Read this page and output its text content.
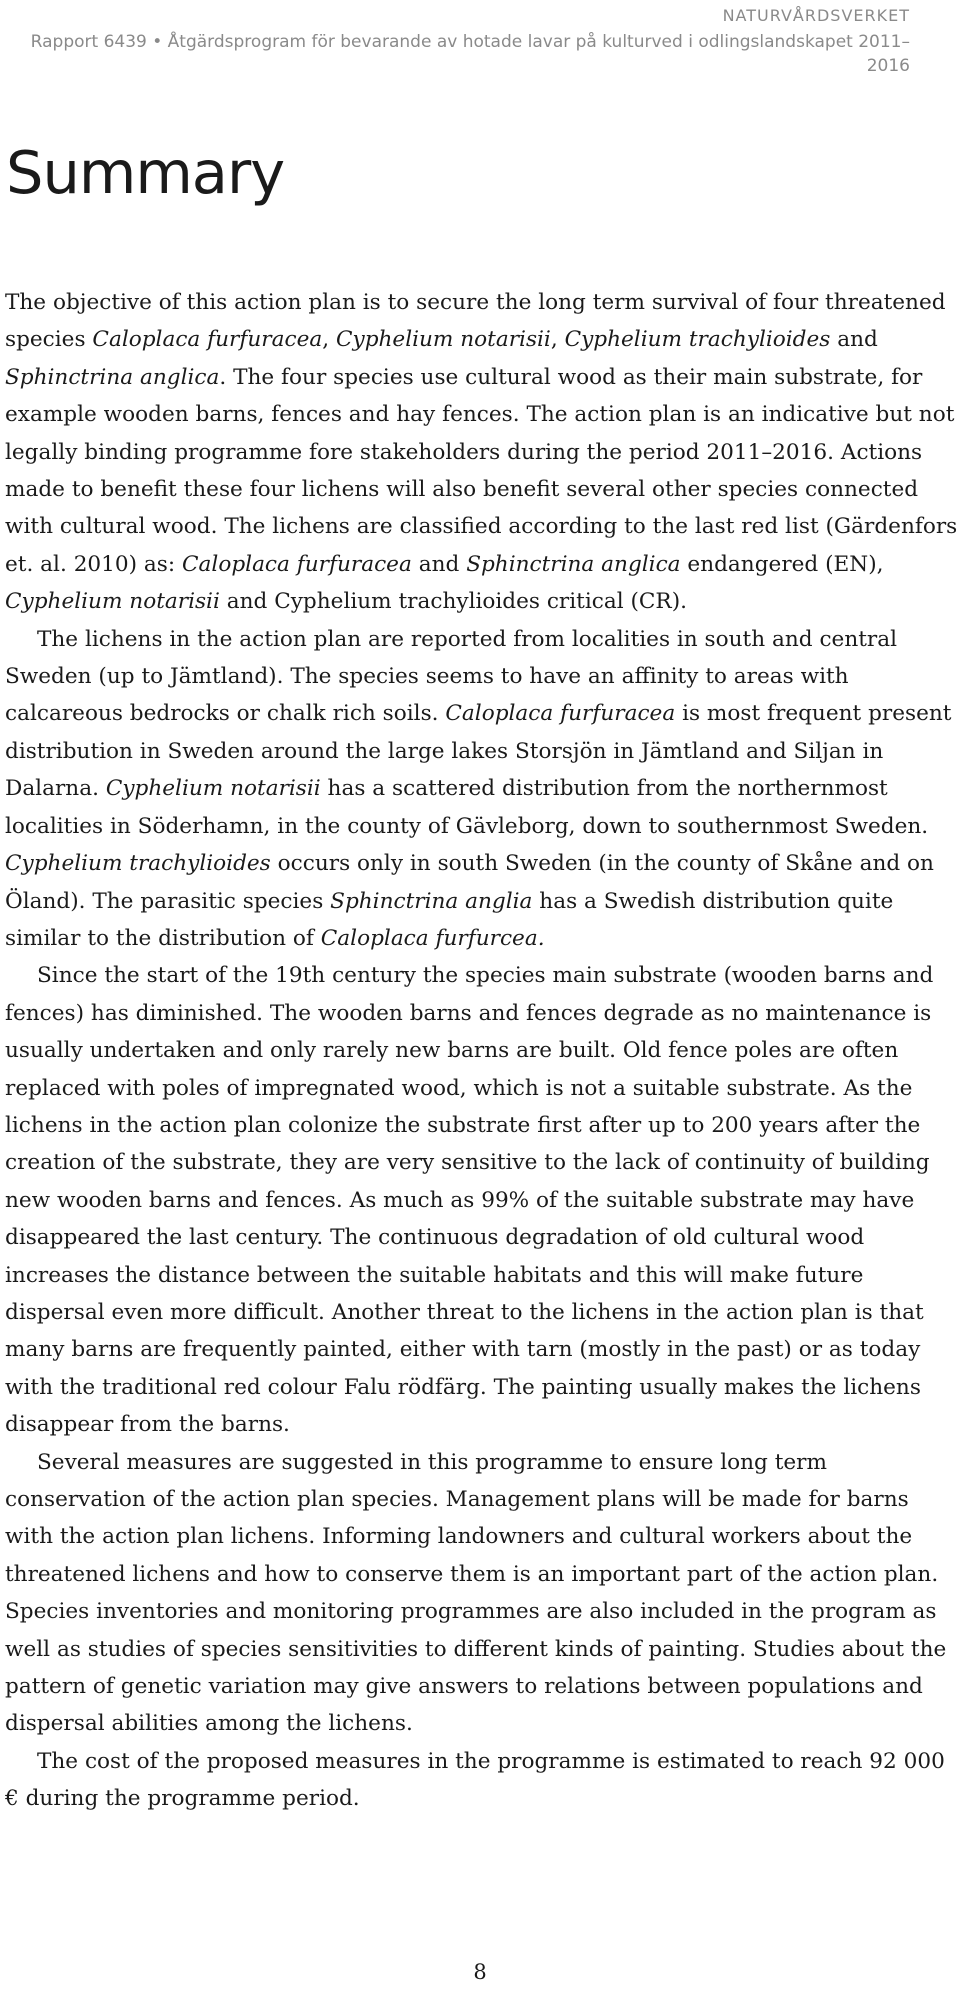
NATURVÅRDSVERKET
Rapport 6439 • Åtgärdsprogram för bevarande av hotade lavar på kulturved i odlingslandskapet 2011–2016
Summary

The objective of this action plan is to secure the long term survival of four threatened species Caloplaca furfuracea, Cyphelium notarisii, Cyphelium trachylioides and Sphinctrina anglica. The four species use cultural wood as their main substrate, for example wooden barns, fences and hay fences. The action plan is an indicative but not legally binding programme fore stakeholders during the period 2011–2016. Actions made to benefit these four lichens will also benefit several other species connected with cultural wood. The lichens are classified according to the last red list (Gärdenfors et. al. 2010) as: Caloplaca furfuracea and Sphinctrina anglica endangered (EN), Cyphelium notarisii and Cyphelium trachylioides critical (CR).

The lichens in the action plan are reported from localities in south and central Sweden (up to Jämtland). The species seems to have an affinity to areas with calcareous bedrocks or chalk rich soils. Caloplaca furfuracea is most frequent present distribution in Sweden around the large lakes Storsjön in Jämtland and Siljan in Dalarna. Cyphelium notarisii has a scattered distribution from the northernmost localities in Söderhamn, in the county of Gävleborg, down to southernmost Sweden. Cyphelium trachylioides occurs only in south Sweden (in the county of Skåne and on Öland). The parasitic species Sphinctrina anglia has a Swedish distribution quite similar to the distribution of Caloplaca furfurcea.

Since the start of the 19th century the species main substrate (wooden barns and fences) has diminished. The wooden barns and fences degrade as no maintenance is usually undertaken and only rarely new barns are built. Old fence poles are often replaced with poles of impregnated wood, which is not a suitable substrate. As the lichens in the action plan colonize the substrate first after up to 200 years after the creation of the substrate, they are very sensitive to the lack of continuity of building new wooden barns and fences. As much as 99% of the suitable substrate may have disappeared the last century. The continuous degradation of old cultural wood increases the distance between the suitable habitats and this will make future dispersal even more difficult. Another threat to the lichens in the action plan is that many barns are frequently painted, either with tarn (mostly in the past) or as today with the traditional red colour Falu rödfärg. The painting usually makes the lichens disappear from the barns.

Several measures are suggested in this programme to ensure long term conservation of the action plan species. Management plans will be made for barns with the action plan lichens. Informing landowners and cultural workers about the threatened lichens and how to conserve them is an important part of the action plan. Species inventories and monitoring programmes are also included in the program as well as studies of species sensitivities to different kinds of painting. Studies about the pattern of genetic variation may give answers to relations between populations and dispersal abilities among the lichens.

The cost of the proposed measures in the programme is estimated to reach 92 000 € during the programme period.

8
